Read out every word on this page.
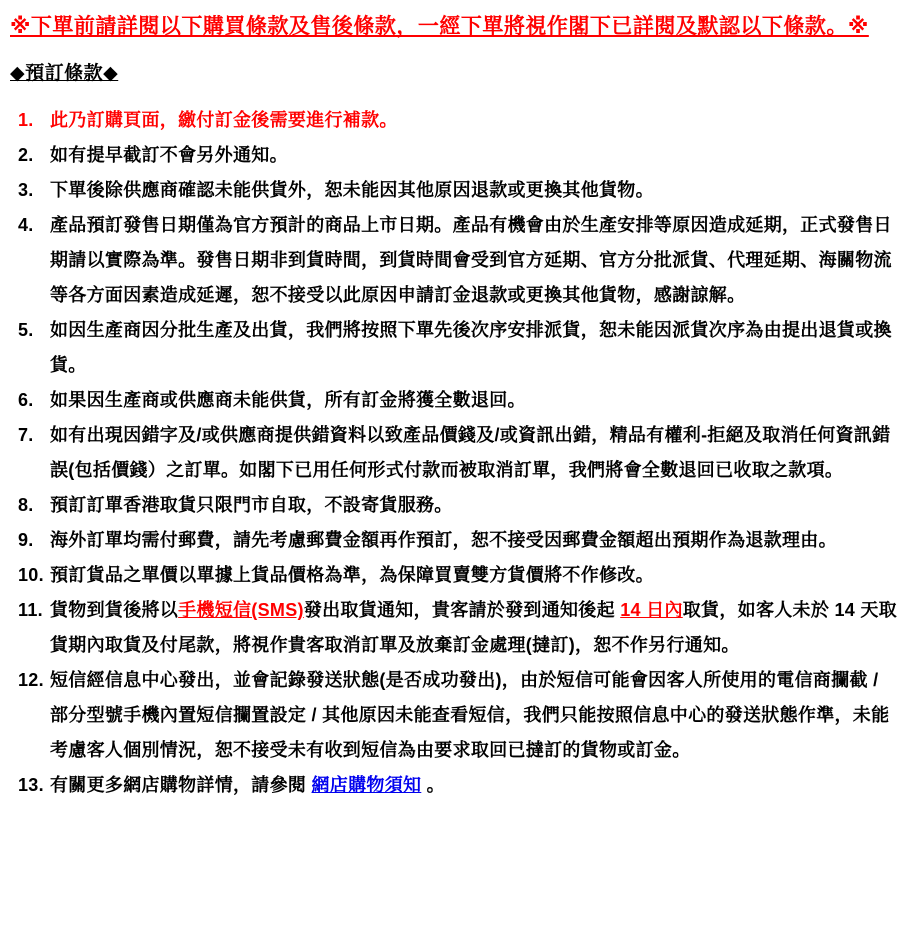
※下單前請詳閱以下購買條款及售後條款，一經下單將視作閣下已詳閱及默認以下條款。※
◆預訂條款◆
1. 此乃訂購頁面，繳付訂金後需要進行補款。
2. 如有提早截訂不會另外通知。
3. 下單後除供應商確認未能供貨外，恕未能因其他原因退款或更換其他貨物。
4. 產品預訂發售日期僅為官方預計的商品上市日期。產品有機會由於生產安排等原因造成延期，正式發售日期請以實際為準。發售日期非到貨時間，到貨時間會受到官方延期、官方分批派貨、代理延期、海關物流等各方面因素造成延遲，恕不接受以此原因申請訂金退款或更換其他貨物，感謝諒解。
5. 如因生產商因分批生產及出貨，我們將按照下單先後次序安排派貨，恕未能因派貨次序為由提出退貨或換貨。
6. 如果因生產商或供應商未能供貨，所有訂金將獲全數退回。
7. 如有出現因錯字及/或供應商提供錯資料以致產品價錢及/或資訊出錯，精品有權利-拒絕及取消任何資訊錯誤(包括價錢）之訂單。如閣下已用任何形式付款而被取消訂單，我們將會全數退回已收取之款項。
8. 預訂訂單香港取貨只限門市自取，不設寄貨服務。
9. 海外訂單均需付郵費，請先考慮郵費金額再作預訂，恕不接受因郵費金額超出預期作為退款理由。
10. 預訂貨品之單價以單據上貨品價格為準，為保障買賣雙方貨價將不作修改。
11. 貨物到貨後將以手機短信(SMS)發出取貨通知，貴客請於發到通知後起 14 日內取貨，如客人未於 14 天取貨期內取貨及付尾款，將視作貴客取消訂單及放棄訂金處理(撻訂)，恕不作另行通知。
12. 短信經信息中心發出，並會記錄發送狀態(是否成功發出)，由於短信可能會因客人所使用的電信商攔截 / 部分型號手機內置短信攔置設定 / 其他原因未能查看短信，我們只能按照信息中心的發送狀態作準，未能考慮客人個別情況，恕不接受未有收到短信為由要求取回已撻訂的貨物或訂金。
13. 有關更多網店購物詳情，請參閱 網店購物須知 。
